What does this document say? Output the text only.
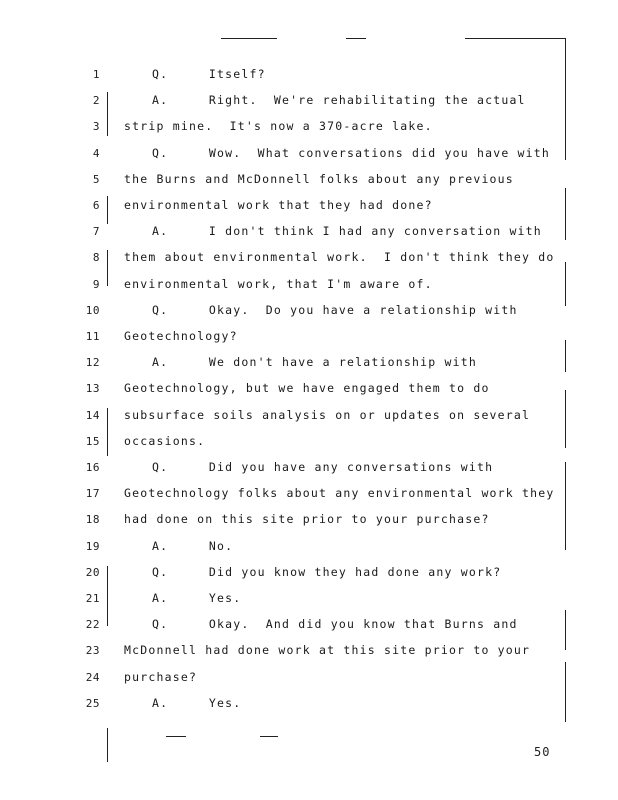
1	Q.     Itself?
2	A.     Right.  We're rehabilitating the actual
3 strip mine.  It's now a 370-acre lake.
4	Q.     Wow.  What conversations did you have with
5 the Burns and McDonnell folks about any previous
6 environmental work that they had done?
7	A.     I don't think I had any conversation with
8 them about environmental work.  I don't think they do
9 environmental work, that I'm aware of.
10	Q.     Okay.  Do you have a relationship with
11 Geotechnology?
12	A.     We don't have a relationship with
13 Geotechnology, but we have engaged them to do
14 subsurface soils analysis on or updates on several
15 occasions.
16	Q.     Did you have any conversations with
17 Geotechnology folks about any environmental work they
18 had done on this site prior to your purchase?
19	A.     No.
20	Q.     Did you know they had done any work?
21	A.     Yes.
22	Q.     Okay.  And did you know that Burns and
23 McDonnell had done work at this site prior to your
24 purchase?
25	A.     Yes.
50
